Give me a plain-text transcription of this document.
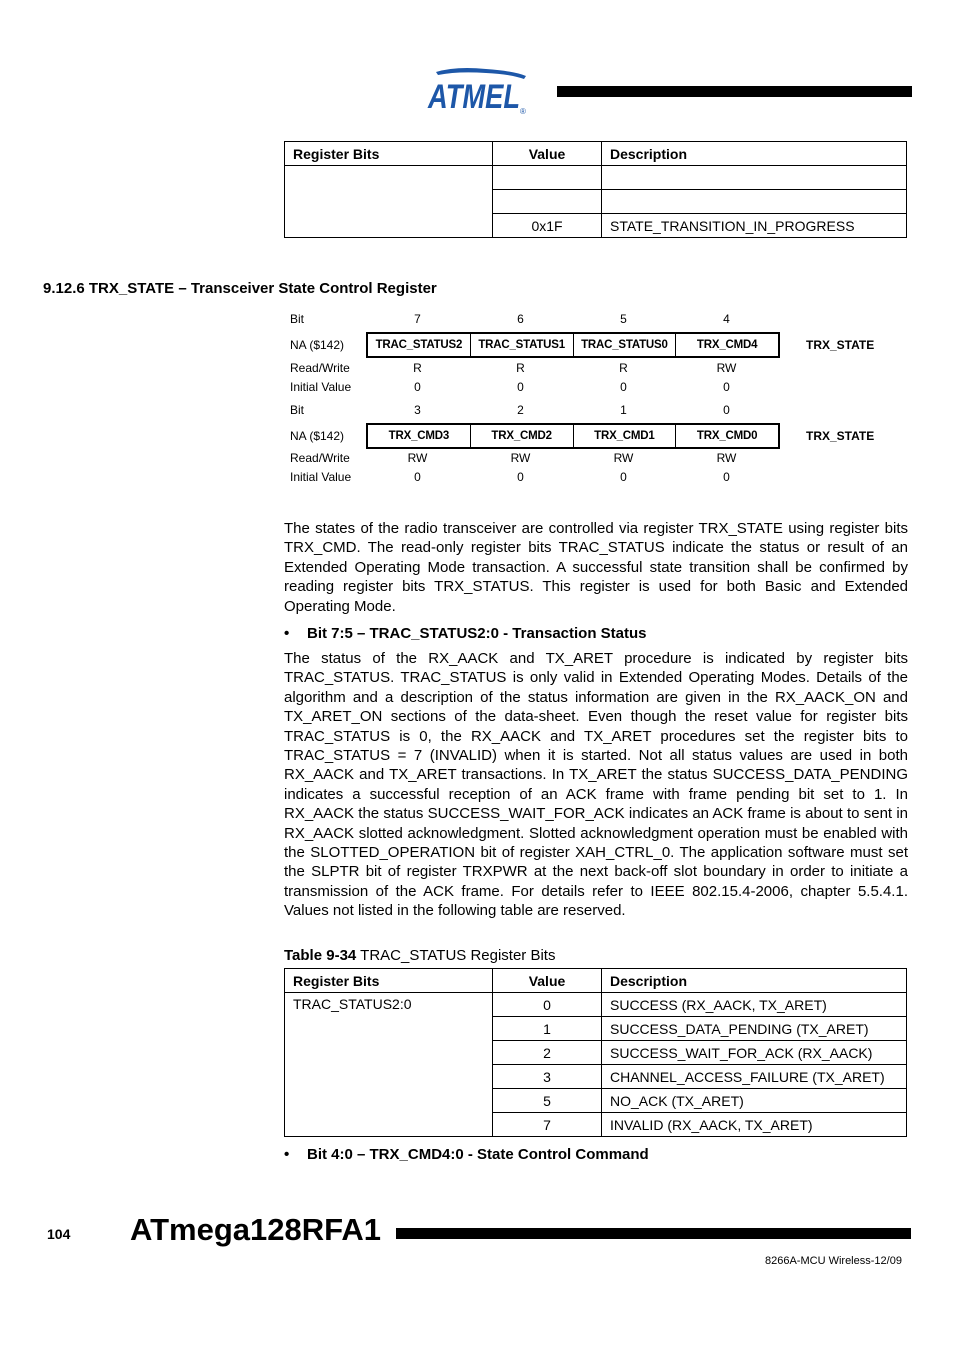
ATMEL ®
Register Bits	Value	Description

	0x1F	STATE_TRANSITION_IN_PROGRESS
9.12.6 TRX_STATE – Transceiver State Control Register
Bit	7	6	5	4
NA ($142)	TRAC_STATUS2	TRAC_STATUS1	TRAC_STATUS0	TRX_CMD4	TRX_STATE
Read/Write	R	R	R	RW
Initial Value	0	0	0	0
Bit	3	2	1	0
NA ($142)	TRX_CMD3	TRX_CMD2	TRX_CMD1	TRX_CMD0	TRX_STATE
Read/Write	RW	RW	RW	RW
Initial Value	0	0	0	0

The states of the radio transceiver are controlled via register TRX_STATE using register bits TRX_CMD. The read-only register bits TRAC_STATUS indicate the status or result of an Extended Operating Mode transaction. A successful state transition shall be confirmed by reading register bits TRX_STATUS. This register is used for both Basic and Extended Operating Mode.

• Bit 7:5 – TRAC_STATUS2:0 - Transaction Status

The status of the RX_AACK and TX_ARET procedure is indicated by register bits TRAC_STATUS. TRAC_STATUS is only valid in Extended Operating Modes. Details of the algorithm and a description of the status information are given in the RX_AACK_ON and TX_ARET_ON sections of the data-sheet. Even though the reset value for register bits TRAC_STATUS is 0, the RX_AACK and TX_ARET procedures set the register bits to TRAC_STATUS = 7 (INVALID) when it is started. Not all status values are used in both RX_AACK and TX_ARET transactions. In TX_ARET the status SUCCESS_DATA_PENDING indicates a successful reception of an ACK frame with frame pending bit set to 1. In RX_AACK the status SUCCESS_WAIT_FOR_ACK indicates an ACK frame is about to sent in RX_AACK slotted acknowledgment. Slotted acknowledgment operation must be enabled with the SLOTTED_OPERATION bit of register XAH_CTRL_0. The application software must set the SLPTR bit of register TRXPWR at the next back-off slot boundary in order to initiate a transmission of the ACK frame. For details refer to IEEE 802.15.4-2006, chapter 5.5.4.1. Values not listed in the following table are reserved.

Table 9-34 TRAC_STATUS Register Bits
Register Bits	Value	Description
TRAC_STATUS2:0	0	SUCCESS (RX_AACK, TX_ARET)
	1	SUCCESS_DATA_PENDING (TX_ARET)
	2	SUCCESS_WAIT_FOR_ACK (RX_AACK)
	3	CHANNEL_ACCESS_FAILURE (TX_ARET)
	5	NO_ACK (TX_ARET)
	7	INVALID (RX_AACK, TX_ARET)
• Bit 4:0 – TRX_CMD4:0 - State Control Command
104 ATmega128RFA1
8266A-MCU Wireless-12/09
